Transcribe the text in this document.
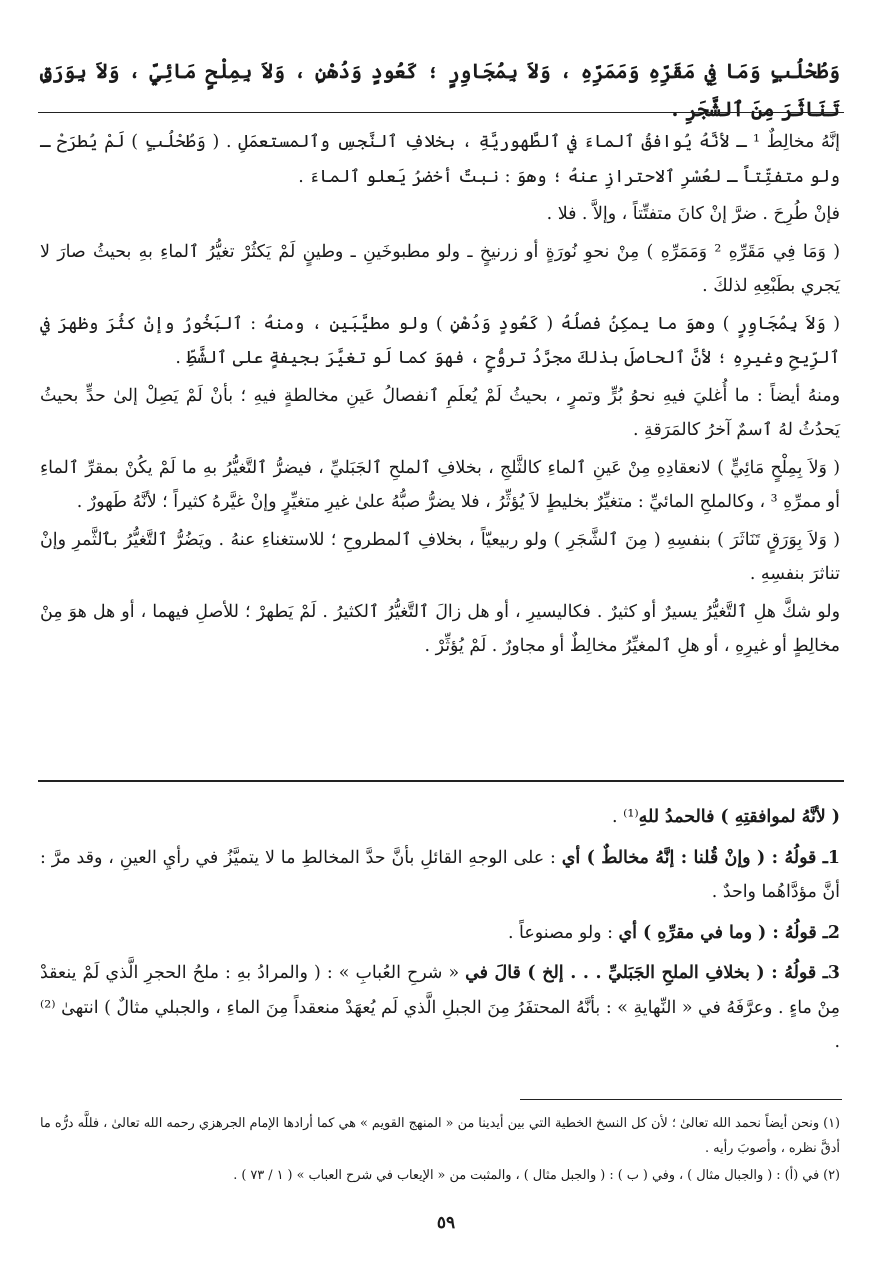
وَطُحْلُبٍ وَمَا فِي مَقَرِّهِ وَمَمَرِّهِ ، وَلاَ بِمُجَاوِرٍ ؛ كَعُودٍ وَدُهْنٍ ، وَلاَ بِمِلْحٍ مَائِيٍّ ، وَلاَ بِوَرَقٍ تَنَاثَرَ مِنَ ٱلشَّجَرِ .

إنَّهُ مخالِطٌ ¹ ـ لأنَّهُ يُوافقُ ٱلماءَ في ٱلطَّهوريَّةِ ، بخلافِ ٱلنَّجسِ وٱلمستعمَلِ . ( وَطُحْلُبٍ ) لَمْ يُطرَحْ ـ ولو متفتِّتاً ـ لعُسْرِ ٱلاحترازِ عنهُ ؛ وهوَ : نبتٌ أخضرُ يَعلو ٱلماءَ .

فإنْ طُرِحَ . ضرَّ إنْ كانَ متفتِّتاً ، وإلاَّ . فلا .

( وَمَا فِي مَقَرِّهِ ² وَمَمَرِّهِ ) مِنْ نحوِ نُورَةٍ أو زرنيخٍ ـ ولو مطبوخَينِ ـ وطينٍ لَمْ يَكثُرْ تغيُّرُ ٱلماءِ بهِ بحيثُ صارَ لا يَجري بطَبْعِهِ لذلكَ .

( وَلاَ بِمُجَاوِرٍ ) وهوَ ما يمكِنُ فصلُهُ ( كَعُودٍ وَدُهْنٍ ) ولو مطيَّبَينِ ، ومنهُ : ٱلبَخُورُ وإنْ كثُرَ وظهرَ في ٱلرِّيحِ وغيرِهِ ؛ لأنَّ ٱلحاصلَ بذلكَ مجرَّدُ تروُّحٍ ، فهوَ كما لَو تغيَّرَ بجيفةٍ على ٱلشَّطِّ .

ومنهُ أيضاً : ما أُغليَ فيهِ نحوُ بُرٍّ وتمرٍ ، بحيثُ لَمْ يُعلَمِ ٱنفصالُ عَينِ مخالطةٍ فيهِ ؛ بأنْ لَمْ يَصِلْ إلىٰ حدٍّ بحيثُ يَحدُثُ لهُ ٱسمٌ آخرُ كالمَرَقةِ .

( وَلاَ بِمِلْحٍ مَائِيٍّ ) لانعقادِهِ مِنْ عَينِ ٱلماءِ كالثَّلجِ ، بخلافِ ٱلملحِ ٱلجَبَليِّ ، فيضرُّ ٱلتَّغيُّرُ بهِ ما لَمْ يكُنْ بمقرِّ ٱلماءِ أو ممرِّهِ ³ ، وكالملحِ المائيِّ : متغيِّرٌ بخليطٍ لاَ يُؤثِّرُ ، فلا يضرُّ صبُّهُ علىٰ غيرِ متغيِّرٍ وإنْ غيَّرهُ كثيراً ؛ لأنَّهُ طَهورٌ .

( وَلاَ بِوَرَقٍ تَنَاثَرَ ) بنفسِهِ ( مِنَ ٱلشَّجَرِ ) ولو ربيعيّاً ، بخلافِ ٱلمطروحِ ؛ للاستغناءِ عنهُ . ويَضُرُّ ٱلتَّغيُّرُ بٱلثَّمرِ وإنْ تناثرَ بنفسِهِ .

ولو شكَّ هلِ ٱلتَّغيُّرُ يسيرٌ أو كثيرٌ . فكاليسيرِ ، أو هل زالَ ٱلتَّغيُّرُ ٱلكثيرُ . لَمْ يَطهرْ ؛ للأصلِ فيهما ، أو هل هوَ مِنْ مخالِطٍ أو غيرِهِ ، أو هلِ ٱلمغيِّرُ مخالِطٌ أو مجاورٌ . لَمْ يُؤثِّرْ .

( لأنَّهُ لموافقتِهِ ) فالحمدُ للهِ⁽¹⁾ .

1ـ قولُهُ : ( وإنْ قُلنا : إنَّهُ مخالطٌ ) أي : على الوجهِ القائلِ بأنَّ حدَّ المخالطِ ما لا يتميَّزُ في رأيِ العينِ ، وقد مرَّ : أنَّ مؤدَّاهُما واحدٌ .

2ـ قولُهُ : ( وما في مقرِّهِ ) أي : ولو مصنوعاً .

3ـ قولُهُ : ( بخلافِ الملحِ الجَبَليِّ . . . إلخ ) قالَ في « شرحِ العُبابِ » : ( والمرادُ بهِ : ملحُ الحجرِ الَّذي لَمْ ينعقدْ مِنْ ماءٍ . وعرَّفَهُ في « النِّهايةِ » : بأنَّهُ المحتفَرُ مِنَ الجبلِ الَّذي لَم يُعهَدْ منعقداً مِنَ الماءِ ، والجبلي مثالٌ ) انتهىٰ ⁽²⁾ .

(١) ونحن أيضاً نحمد الله تعالىٰ ؛ لأن كل النسخ الخطية التي بين أيدينا من « المنهج القويم » هي كما أرادها الإمام الجرهزي رحمه الله تعالىٰ ، فللَّه درُّه ما أدقَّ نظره ، وأصوبَ رأيه .

(٢) في (أ) : ( والجبال مثال ) ، وفي ( ب ) : ( والجبل مثال ) ، والمثبت من « الإيعاب في شرح العباب » ( ١ / ٧٣ ) .

٥٩
